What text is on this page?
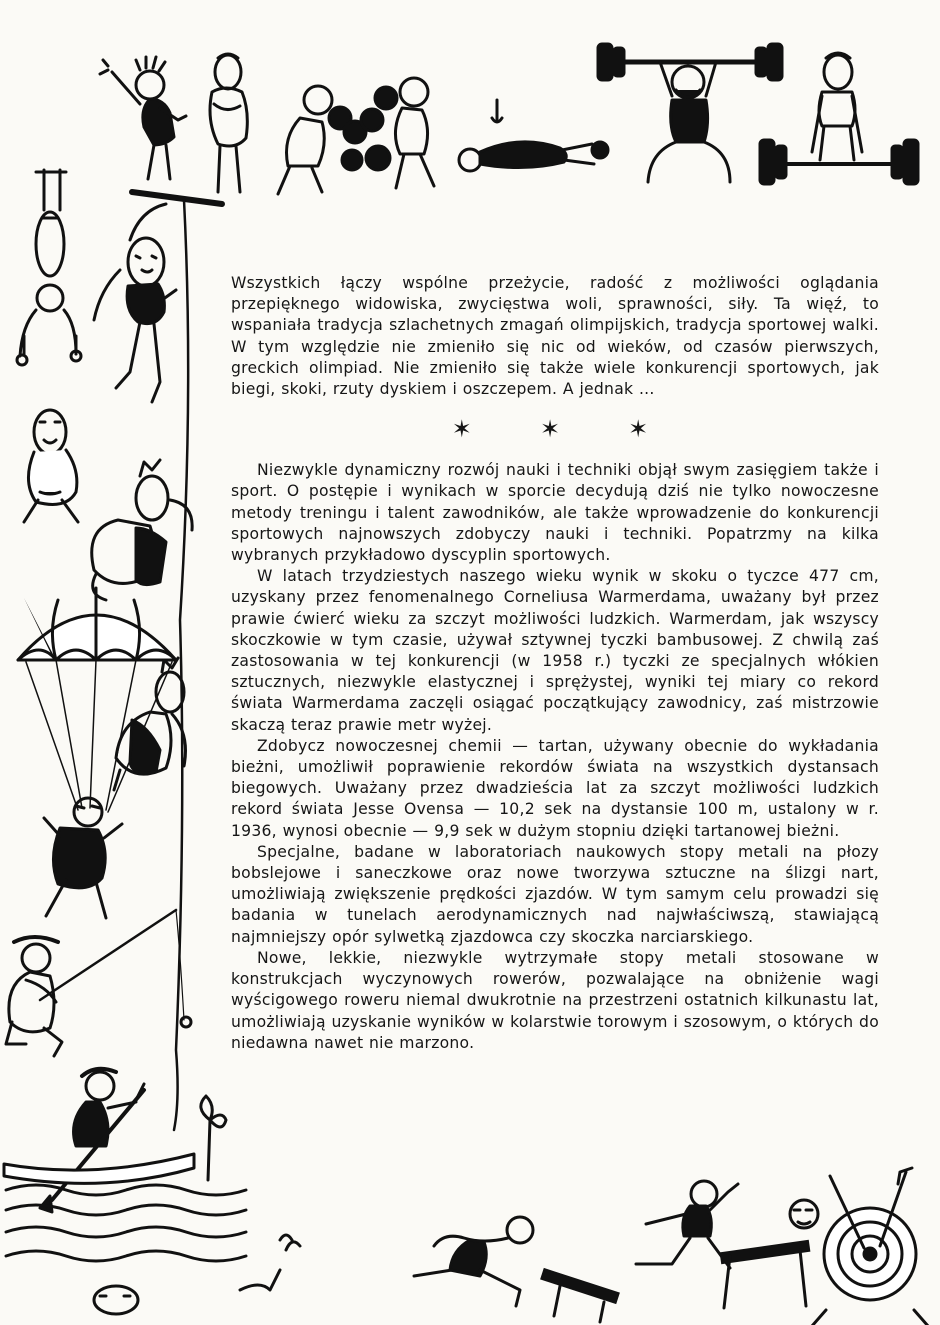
Wszystkich łączy wspólne przeżycie, radość z możliwości oglądania przepięknego widowiska, zwycięstwa woli, sprawności, siły. Ta więź, to wspaniała tradycja szlachetnych zmagań olimpijskich, tradycja sportowej walki. W tym względzie nie zmieniło się nic od wieków, od czasów pierwszych, greckich olimpiad. Nie zmieniło się także wiele konkurencji sportowych, jak biegi, skoki, rzuty dyskiem i oszczepem. A jednak ...

✶ ✶ ✶

Niezwykle dynamiczny rozwój nauki i techniki objął swym zasięgiem także i sport. O postępie i wynikach w sporcie decydują dziś nie tylko nowoczesne metody treningu i talent zawodników, ale także wprowadzenie do konkurencji sportowych najnowszych zdobyczy nauki i techniki. Popatrzmy na kilka wybranych przykładowo dyscyplin sportowych.

W latach trzydziestych naszego wieku wynik w skoku o tyczce 477 cm, uzyskany przez fenomenalnego Corneliusa Warmerdama, uważany był przez prawie ćwierć wieku za szczyt możliwości ludzkich. Warmerdam, jak wszyscy skoczkowie w tym czasie, używał sztywnej tyczki bambusowej. Z chwilą zaś zastosowania w tej konkurencji (w 1958 r.) tyczki ze specjalnych włókien sztucznych, niezwykle elastycznej i sprężystej, wyniki tej miary co rekord świata Warmerdama zaczęli osiągać początkujący zawodnicy, zaś mistrzowie skaczą teraz prawie metr wyżej.

Zdobycz nowoczesnej chemii — tartan, używany obecnie do wykładania bieżni, umożliwił poprawienie rekordów świata na wszystkich dystansach biegowych. Uważany przez dwadzieścia lat za szczyt możliwości ludzkich rekord świata Jesse Ovensa — 10,2 sek na dystansie 100 m, ustalony w r. 1936, wynosi obecnie — 9,9 sek w dużym stopniu dzięki tartanowej bieżni.

Specjalne, badane w laboratoriach naukowych stopy metali na płozy bobslejowe i saneczkowe oraz nowe tworzywa sztuczne na ślizgi nart, umożliwiają zwiększenie prędkości zjazdów. W tym samym celu prowadzi się badania w tunelach aerodynamicznych nad najwłaściwszą, stawiającą najmniejszy opór sylwetką zjazdowca czy skoczka narciarskiego.

Nowe, lekkie, niezwykle wytrzymałe stopy metali stosowane w konstrukcjach wyczynowych rowerów, pozwalające na obniżenie wagi wyścigowego roweru niemal dwukrotnie na przestrzeni ostatnich kilkunastu lat, umożliwiają uzyskanie wyników w kolarstwie torowym i szosowym, o których do niedawna nawet nie marzono.
